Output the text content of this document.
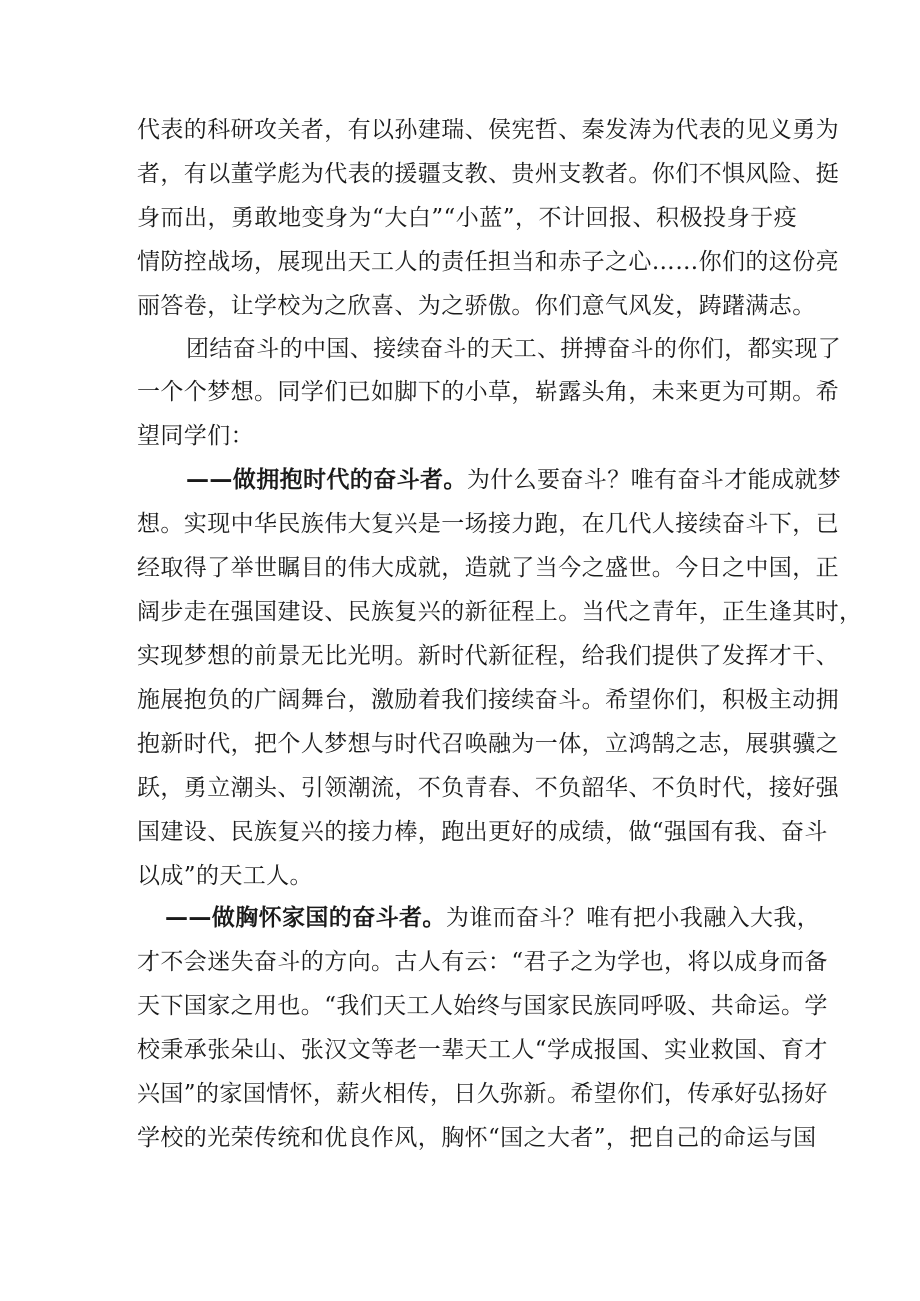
代表的科研攻关者，有以孙建瑞、侯宪哲、秦发涛为代表的见义勇为
者，有以董学彪为代表的援疆支教、贵州支教者。你们不惧风险、挺
身而出，勇敢地变身为“大白”“小蓝”，不计回报、积极投身于疫
情防控战场，展现出天工人的责任担当和赤子之心……你们的这份亮
丽答卷，让学校为之欣喜、为之骄傲。你们意气风发，踌躇满志。
团结奋斗的中国、接续奋斗的天工、拼搏奋斗的你们，都实现了
一个个梦想。同学们已如脚下的小草，崭露头角，未来更为可期。希
望同学们：
——做拥抱时代的奋斗者。 为什么要奋斗？唯有奋斗才能成就梦
想。实现中华民族伟大复兴是一场接力跑，在几代人接续奋斗下，已
经取得了举世瞩目的伟大成就，造就了当今之盛世。今日之中国，正
阔步走在强国建设、民族复兴的新征程上。当代之青年，正生逢其时，
实现梦想的前景无比光明。新时代新征程，给我们提供了发挥才干、
施展抱负的广阔舞台，激励着我们接续奋斗。希望你们，积极主动拥
抱新时代，把个人梦想与时代召唤融为一体，立鸿鹄之志，展骐骥之
跃，勇立潮头、引领潮流，不负青春、不负韶华、不负时代，接好强
国建设、民族复兴的接力棒，跑出更好的成绩，做“强国有我、奋斗
以成”的天工人。
——做胸怀家国的奋斗者。 为谁而奋斗？唯有把小我融入大我，
才不会迷失奋斗的方向。古人有云：“君子之为学也，将以成身而备
天下国家之用也。“我们天工人始终与国家民族同呼吸、共命运。学
校秉承张朵山、张汉文等老一辈天工人“学成报国、实业救国、育才
兴国”的家国情怀，薪火相传，日久弥新。希望你们，传承好弘扬好
学校的光荣传统和优良作风，胸怀“国之大者”，把自己的命运与国
